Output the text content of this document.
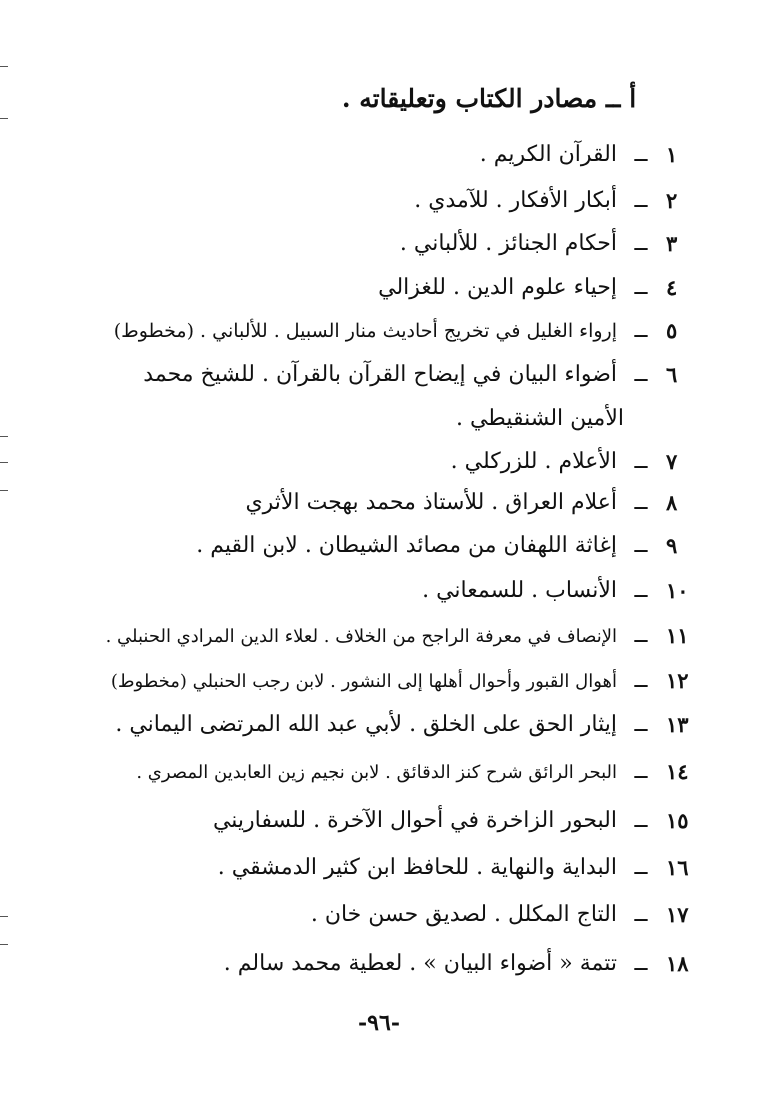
أ ــ مصادر الكتاب وتعليقاته .
١
ــ القرآن الكريم .
٢
ــ أبكار الأفكار . للآمدي .
٣
ــ أحكام الجنائز . للألباني .
٤
ــ إحياء علوم الدين . للغزالي
٥
ــ إرواء الغليل في تخريج أحاديث منار السبيل . للألباني . (مخطوط)
٦
ــ أضواء البيان في إيضاح القرآن بالقرآن . للشيخ محمد
الأمين الشنقيطي .
٧
ــ الأعلام . للزركلي .
٨
ــ أعلام العراق . للأستاذ محمد بهجت الأثري
٩
ــ إغاثة اللهفان من مصائد الشيطان . لابن القيم .
١٠
ــ الأنساب . للسمعاني .
١١
ــ الإنصاف في معرفة الراجح من الخلاف . لعلاء الدين المرادي الحنبلي .
١٢
ــ أهوال القبور وأحوال أهلها إلى النشور . لابن رجب الحنبلي (مخطوط)
١٣
ــ إيثار الحق على الخلق . لأبي عبد الله المرتضى اليماني .
١٤
ــ البحر الرائق شرح كنز الدقائق . لابن نجيم زين العابدين المصري .
١٥
ــ البحور الزاخرة في أحوال الآخرة . للسفاريني
١٦
ــ البداية والنهاية . للحافظ ابن كثير الدمشقي .
١٧
ــ التاج المكلل . لصديق حسن خان .
١٨
ــ تتمة « أضواء البيان » . لعطية محمد سالم .
-٩٦-
